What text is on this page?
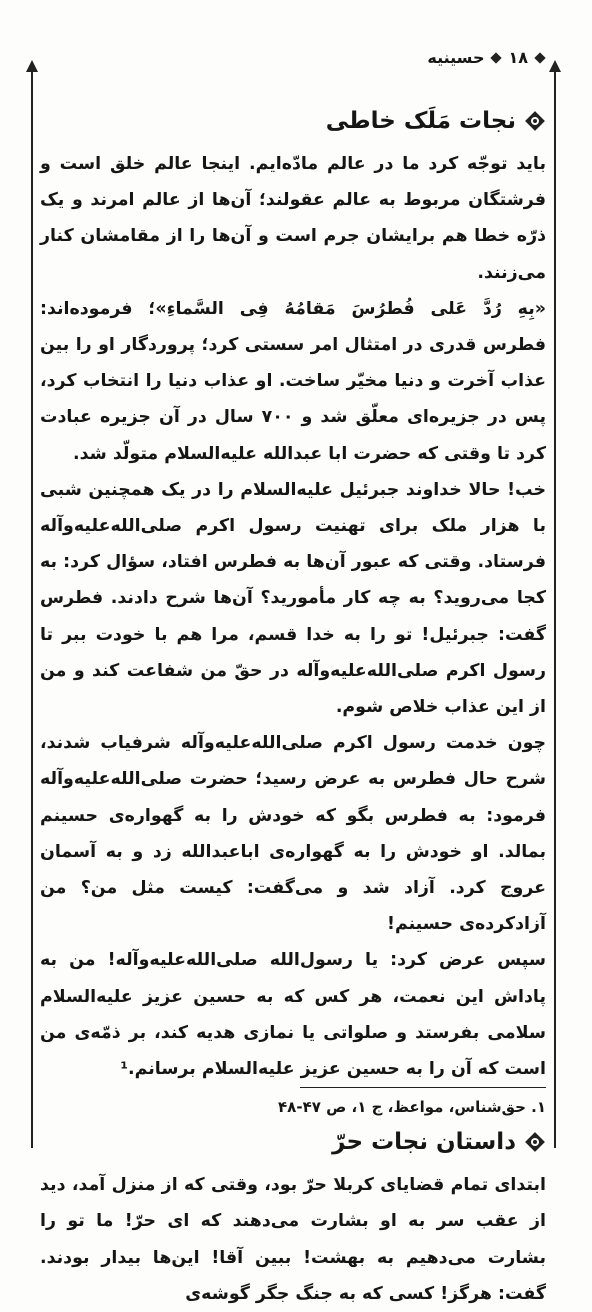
۱۸
حسینیه
نجات مَلَک خاطی

باید توجّه کرد ما در عالم مادّه‌ایم. اینجا عالم خلق است و فرشتگان مربوط به عالم عقولند؛ آن‌ها از عالم امرند و یک ذرّه خطا هم برایشان جرم است و آن‌ها را از مقامشان کنار می‌زنند.

«بِهِ رُدَّ عَلی فُطرُسَ مَقامُهُ فِی السَّماءِ»؛ فرموده‌اند: فطرس قدری در امتثال امر سستی کرد؛ پروردگار او را بین عذاب آخرت و دنیا مخیّر ساخت. او عذاب دنیا را انتخاب کرد، پس در جزیره‌ای معلّق شد و ۷۰۰ سال در آن جزیره عبادت کرد تا وقتی که حضرت ابا عبدالله علیه‌السلام متولّد شد.

خب! حالا خداوند جبرئیل علیه‌السلام را در یک همچنین شبی با هزار ملک برای تهنیت رسول اکرم صلی‌الله‌علیه‌وآله فرستاد. وقتی که عبور آن‌ها به فطرس افتاد، سؤال کرد: به کجا می‌روید؟ به چه کار مأمورید؟ آن‌ها شرح دادند. فطرس گفت: جبرئیل! تو را به خدا قسم، مرا هم با خودت ببر تا رسول اکرم صلی‌الله‌علیه‌وآله در حقّ من شفاعت کند و من از این عذاب خلاص شوم.

چون خدمت رسول اکرم صلی‌الله‌علیه‌وآله شرفیاب شدند، شرح حال فطرس به عرض رسید؛ حضرت صلی‌الله‌علیه‌وآله فرمود: به فطرس بگو که خودش را به گهواره‌ی حسینم بمالد. او خودش را به گهواره‌ی اباعبدالله زد و به آسمان عروج کرد. آزاد شد و می‌گفت: کیست مثل من؟ من آزادکرده‌ی حسینم!

سپس عرض کرد: یا رسول‌الله صلی‌الله‌علیه‌وآله! من به پاداش این نعمت، هر کس که به حسین عزیز علیه‌السلام سلامی بفرستد و صلواتی یا نمازی هدیه کند، بر ذمّه‌ی من است که آن را به حسین عزیز علیه‌السلام برسانم.¹

داستان نجات حرّ

ابتدای تمام قضایای کربلا حرّ بود، وقتی که از منزل آمد، دید از عقب سر به او بشارت می‌دهند که ای حرّ! ما تو را بشارت می‌دهیم به بهشت! ببین آقا! این‌ها بیدار بودند. گفت: هرگز! کسی که به جنگ جگر گوشه‌ی

۱. حق‌شناس، مواعظ، ج ۱، ص ۴۷-۴۸
